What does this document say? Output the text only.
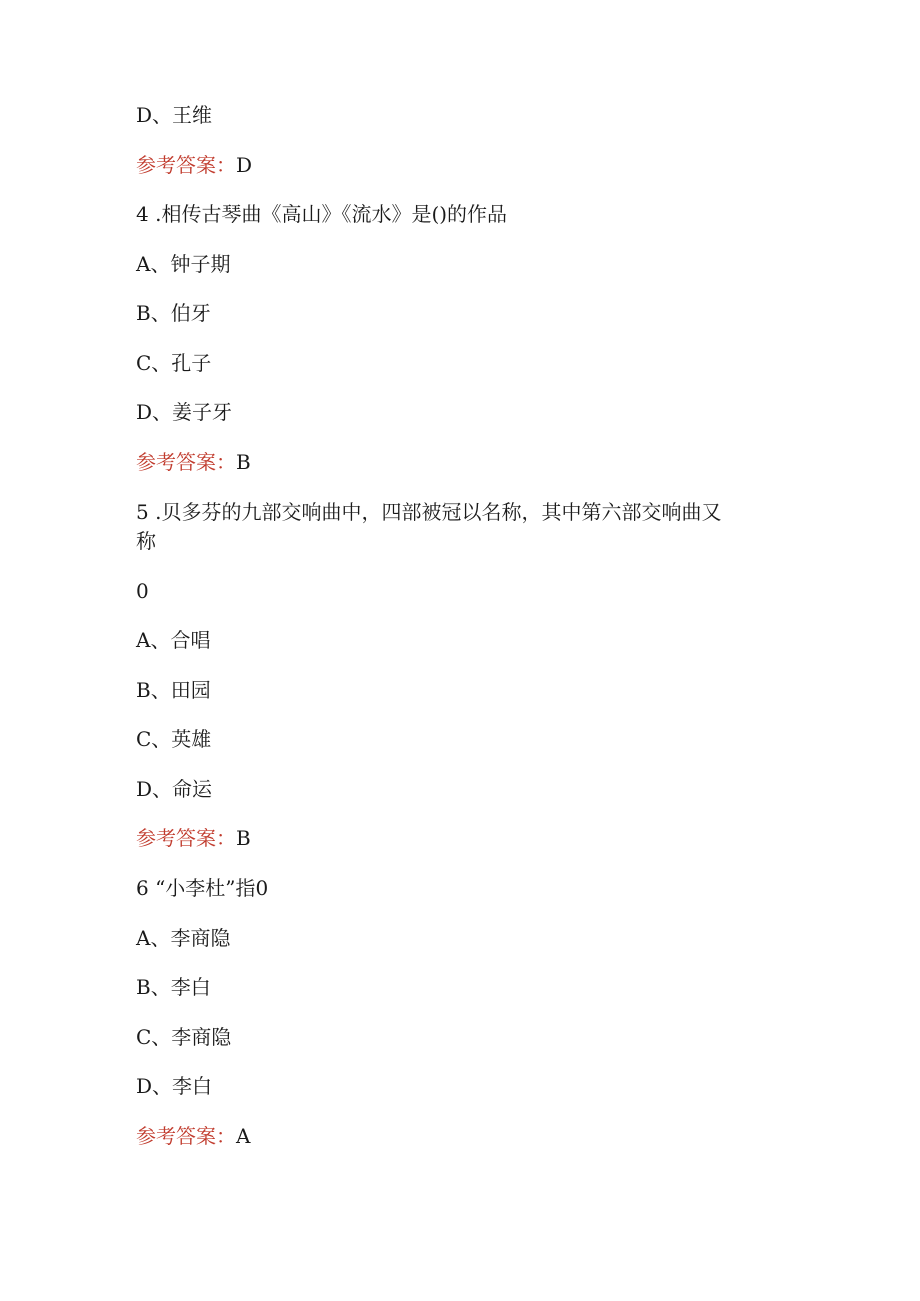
D、王维
参考答案：D
4 .相传古琴曲《高山》《流水》是()的作品
A、钟子期
B、伯牙
C、孔子
D、姜子牙
参考答案：B
5 .贝多芬的九部交响曲中，四部被冠以名称，其中第六部交响曲又
称
0
A、合唱
B、田园
C、英雄
D、命运
参考答案：B
6 “小李杜”指0
A、李商隐
B、李白
C、李商隐
D、李白
参考答案：A
